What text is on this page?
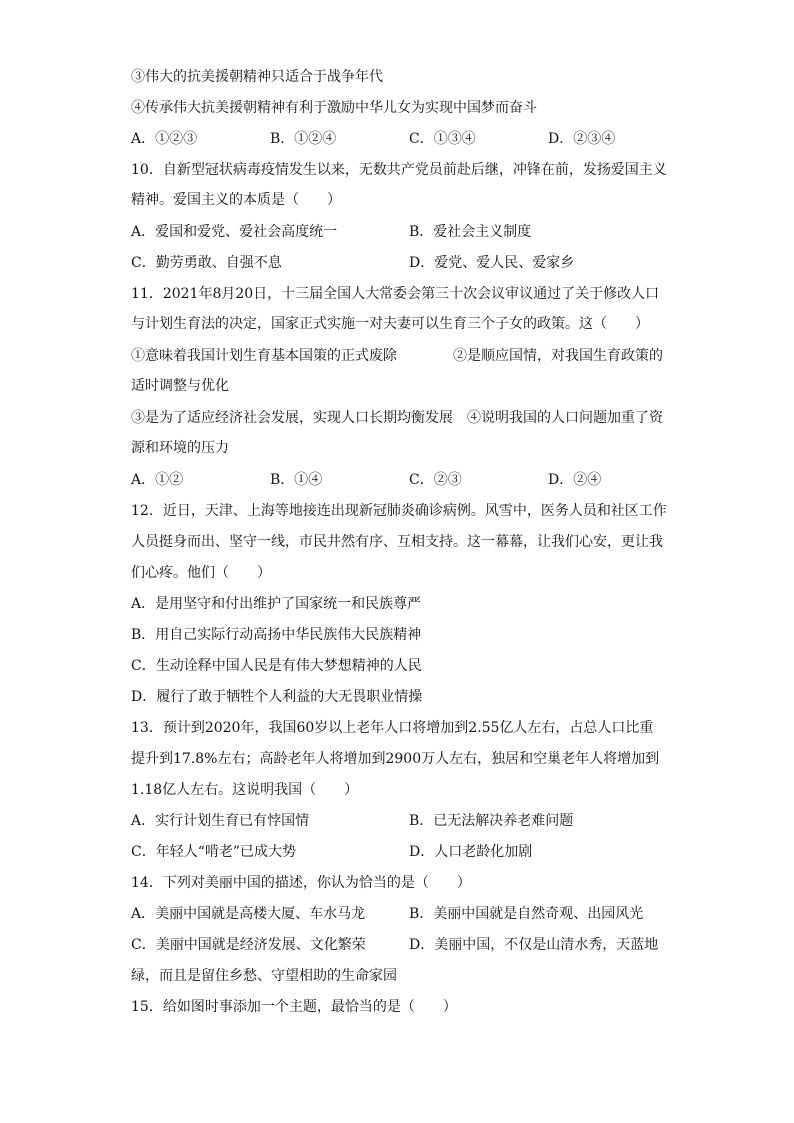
③伟大的抗美援朝精神只适合于战争年代
④传承伟大抗美援朝精神有利于激励中华儿女为实现中国梦而奋斗
A．①②③	B．①②④	C．①③④	D．②③④
10．自新型冠状病毒疫情发生以来，无数共产党员前赴后继，冲锋在前，发扬爱国主义
精神。爱国主义的本质是（　　）
A．爱国和爱党、爱社会高度统一	B．爱社会主义制度
C．勤劳勇敢、自强不息	D．爱党、爱人民、爱家乡
11．2021年8月20日，十三届全国人大常委会第三十次会议审议通过了关于修改人口
与计划生育法的决定，国家正式实施一对夫妻可以生育三个子女的政策。这（　　）
①意味着我国计划生育基本国策的正式废除　　　　②是顺应国情，对我国生育政策的
适时调整与优化
③是为了适应经济社会发展，实现人口长期均衡发展　④说明我国的人口问题加重了资
源和环境的压力
A．①②	B．①④	C．②③	D．②④
12．近日，天津、上海等地接连出现新冠肺炎确诊病例。风雪中，医务人员和社区工作
人员挺身而出、坚守一线，市民井然有序、互相支持。这一幕幕，让我们心安，更让我
们心疼。他们（　　）
A．是用坚守和付出维护了国家统一和民族尊严
B．用自己实际行动高扬中华民族伟大民族精神
C．生动诠释中国人民是有伟大梦想精神的人民
D．履行了敢于牺牲个人利益的大无畏职业情操
13．预计到2020年，我国60岁以上老年人口将增加到2.55亿人左右，占总人口比重
提升到17.8%左右；高龄老年人将增加到2900万人左右，独居和空巢老年人将增加到
1.18亿人左右。这说明我国（　　）
A．实行计划生育已有悖国情	B．已无法解决养老难问题
C．年轻人“啃老”已成大势	D．人口老龄化加剧
14．下列对美丽中国的描述，你认为恰当的是（　　）
A．美丽中国就是高楼大厦、车水马龙	B．美丽中国就是自然奇观、出园风光
C．美丽中国就是经济发展、文化繁荣	D．美丽中国，不仅是山清水秀，天蓝地
绿，而且是留住乡愁、守望相助的生命家园
15．给如图时事添加一个主题，最恰当的是（　　）
